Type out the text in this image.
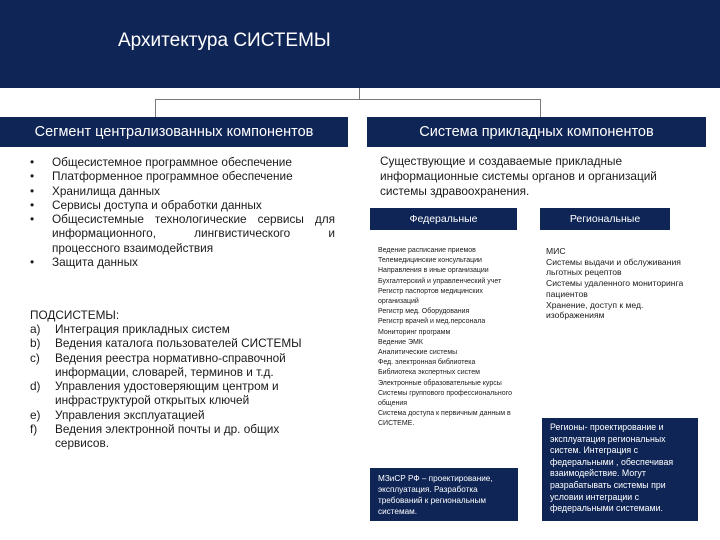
Архитектура СИСТЕМЫ
Сегмент централизованных компонентов
• Общесистемное программное обеспечение
• Платформенное программное обеспечение
• Хранилища данных
• Сервисы доступа и обработки данных
• Общесистемные технологические сервисы для информационного, лингвистического и процессного взаимодействия
• Защита данных
ПОДСИСТЕМЫ:
a) Интеграция прикладных систем
b) Ведения каталога пользователей СИСТЕМЫ
c) Ведения реестра нормативно-справочной информации, словарей, терминов и т.д.
d) Управления удостоверяющим центром и инфраструктурой открытых ключей
e) Управления эксплуатацией
f) Ведения электронной почты и др. общих сервисов.
Система прикладных компонентов
Существующие и создаваемые прикладные информационные системы органов и организаций системы здравоохранения.
Федеральные	Региональные
Ведение расписание приемов
Телемедицинские консультации
Направления в иные организации
Бухгалтерский и управленческий учет
Регистр паспортов медицинских организаций
Регистр мед. Оборудования
Регистр врачей и мед.персонала
Мониторинг программ
Ведение ЭМК
Аналитические системы
Фед. электронная библиотека
Библиотека экспертных систем
Электронные образовательные курсы
Системы группового профессионального общения
Система доступа к первичным данным в СИСТЕМЕ.
МИС
Системы выдачи и обслуживания льготных рецептов
Системы удаленного мониторинга пациентов
Хранение, доступ к мед. изображениям
МЗиСР РФ – проектирование, эксплуатация. Разработка требований к региональным системам.
Регионы- проектирование и эксплуатация региональных систем. Интеграция с федеральными , обеспечивая взаимодействие. Могут разрабатывать системы при условии интеграции с федеральными системами.
